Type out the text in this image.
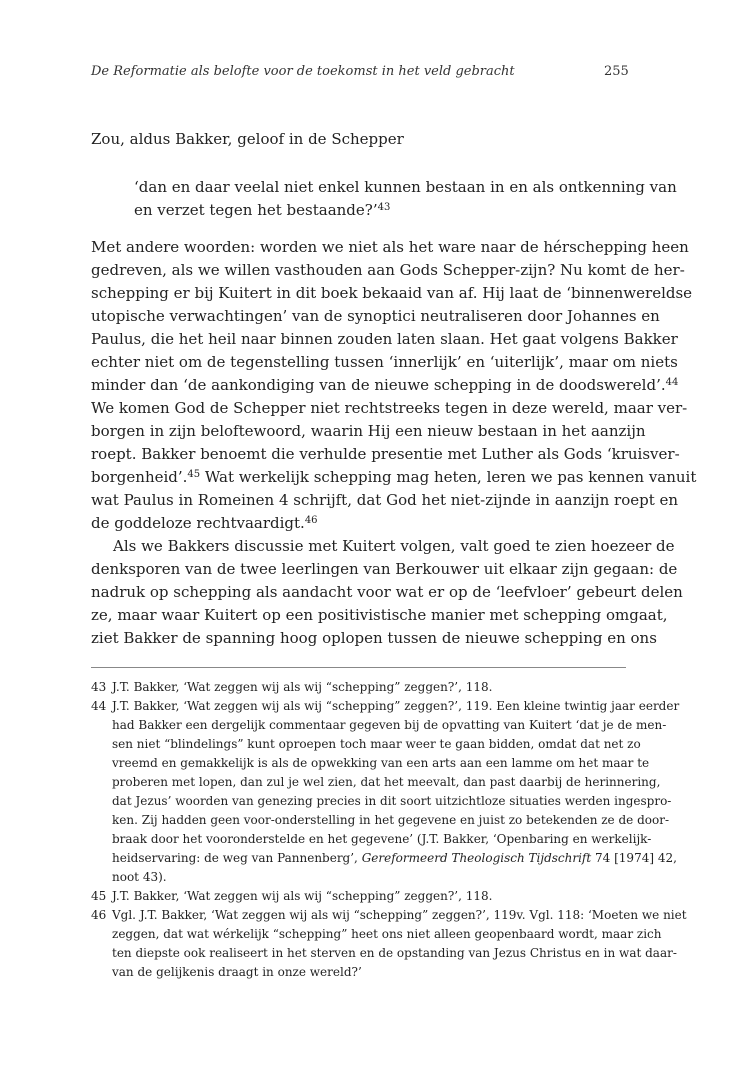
De Reformatie als belofte voor de toekomst in het veld gebracht	255
Zou, aldus Bakker, geloof in de Schepper
‘dan en daar veelal niet enkel kunnen bestaan in en als ontkenning van
en verzet tegen het bestaande?’$^{43}$
Met andere woorden: worden we niet als het ware naar de hérschepping heen
gedreven, als we willen vasthouden aan Gods Schepper-zijn? Nu komt de her-
schepping er bij Kuitert in dit boek bekaaid van af. Hij laat de ‘binnenwereldse
utopische verwachtingen’ van de synoptici neutraliseren door Johannes en
Paulus, die het heil naar binnen zouden laten slaan. Het gaat volgens Bakker
echter niet om de tegenstelling tussen ‘innerlijk’ en ‘uiterlijk’, maar om niets
minder dan ‘de aankondiging van de nieuwe schepping in de doodswereld’.$^{44}$
We komen God de Schepper niet rechtstreeks tegen in deze wereld, maar ver-
borgen in zijn beloftewoord, waarin Hij een nieuw bestaan in het aanzijn
roept. Bakker benoemt die verhulde presentie met Luther als Gods ‘kruisver-
borgenheid’.$^{45}$ Wat werkelijk schepping mag heten, leren we pas kennen vanuit
wat Paulus in Romeinen 4 schrijft, dat God het niet-zijnde in aanzijn roept en
de goddeloze rechtvaardigt.$^{46}$
Als we Bakkers discussie met Kuitert volgen, valt goed te zien hoezeer de
denksporen van de twee leerlingen van Berkouwer uit elkaar zijn gegaan: de
nadruk op schepping als aandacht voor wat er op de ‘leefvloer’ gebeurt delen
ze, maar waar Kuitert op een positivistische manier met schepping omgaat,
ziet Bakker de spanning hoog oplopen tussen de nieuwe schepping en ons
43 J.T. Bakker, ‘Wat zeggen wij als wij “schepping” zeggen?’, 118.
44 J.T. Bakker, ‘Wat zeggen wij als wij “schepping” zeggen?’, 119. Een kleine twintig jaar eerder
had Bakker een dergelijk commentaar gegeven bij de opvatting van Kuitert ‘dat je de men-
sen niet “blindelings” kunt oproepen toch maar weer te gaan bidden, omdat dat net zo
vreemd en gemakkelijk is als de opwekking van een arts aan een lamme om het maar te
proberen met lopen, dan zul je wel zien, dat het meevalt, dan past daarbij de herinnering,
dat Jezus’ woorden van genezing precies in dit soort uitzichtloze situaties werden ingespro-
ken. Zij hadden geen voor-onderstelling in het gegevene en juist zo betekenden ze de door-
braak door het vooronderstelde en het gegevene’ (J.T. Bakker, ‘Openbaring en werkelijk-
heidservaring: de weg van Pannenberg’, Gereformeerd Theologisch Tijdschrift 74 [1974] 42,
noot 43).
45 J.T. Bakker, ‘Wat zeggen wij als wij “schepping” zeggen?’, 118.
46 Vgl. J.T. Bakker, ‘Wat zeggen wij als wij “schepping” zeggen?’, 119v. Vgl. 118: ‘Moeten we niet
zeggen, dat wat wérkelijk “schepping” heet ons niet alleen geopenbaard wordt, maar zich
ten diepste ook realiseert in het sterven en de opstanding van Jezus Christus en in wat daar-
van de gelijkenis draagt in onze wereld?’
